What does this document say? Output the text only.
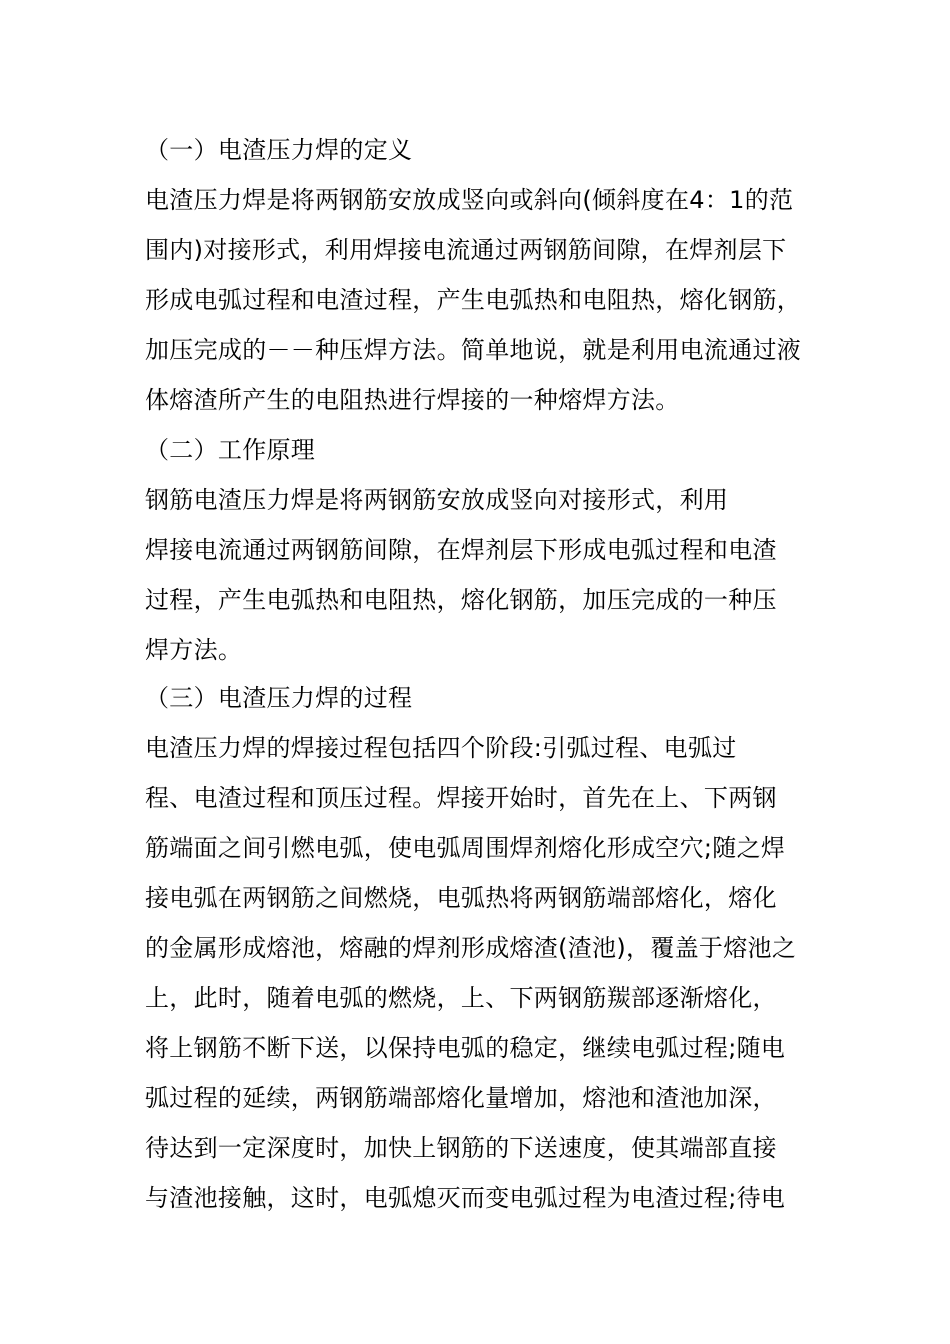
（一）电渣压力焊的定义
电渣压力焊是将两钢筋安放成竖向或斜向(倾斜度在4：1的范
围内)对接形式，利用焊接电流通过两钢筋间隙，在焊剂层下
形成电弧过程和电渣过程，产生电弧热和电阻热，熔化钢筋，
加压完成的－－种压焊方法。简单地说，就是利用电流通过液
体熔渣所产生的电阻热进行焊接的一种熔焊方法。
（二）工作原理
钢筋电渣压力焊是将两钢筋安放成竖向对接形式，利用
焊接电流通过两钢筋间隙，在焊剂层下形成电弧过程和电渣
过程，产生电弧热和电阻热，熔化钢筋，加压完成的一种压
焊方法。
（三）电渣压力焊的过程
电渣压力焊的焊接过程包括四个阶段:引弧过程、电弧过
程、电渣过程和顶压过程。焊接开始时，首先在上、下两钢
筋端面之间引燃电弧，使电弧周围焊剂熔化形成空穴;随之焊
接电弧在两钢筋之间燃烧，电弧热将两钢筋端部熔化，熔化
的金属形成熔池，熔融的焊剂形成熔渣(渣池)，覆盖于熔池之
上，此时，随着电弧的燃烧，上、下两钢筋羰部逐渐熔化，
将上钢筋不断下送，以保持电弧的稳定，继续电弧过程;随电
弧过程的延续，两钢筋端部熔化量增加，熔池和渣池加深，
待达到一定深度时，加快上钢筋的下送速度，使其端部直接
与渣池接触，这时，电弧熄灭而变电弧过程为电渣过程;待电
